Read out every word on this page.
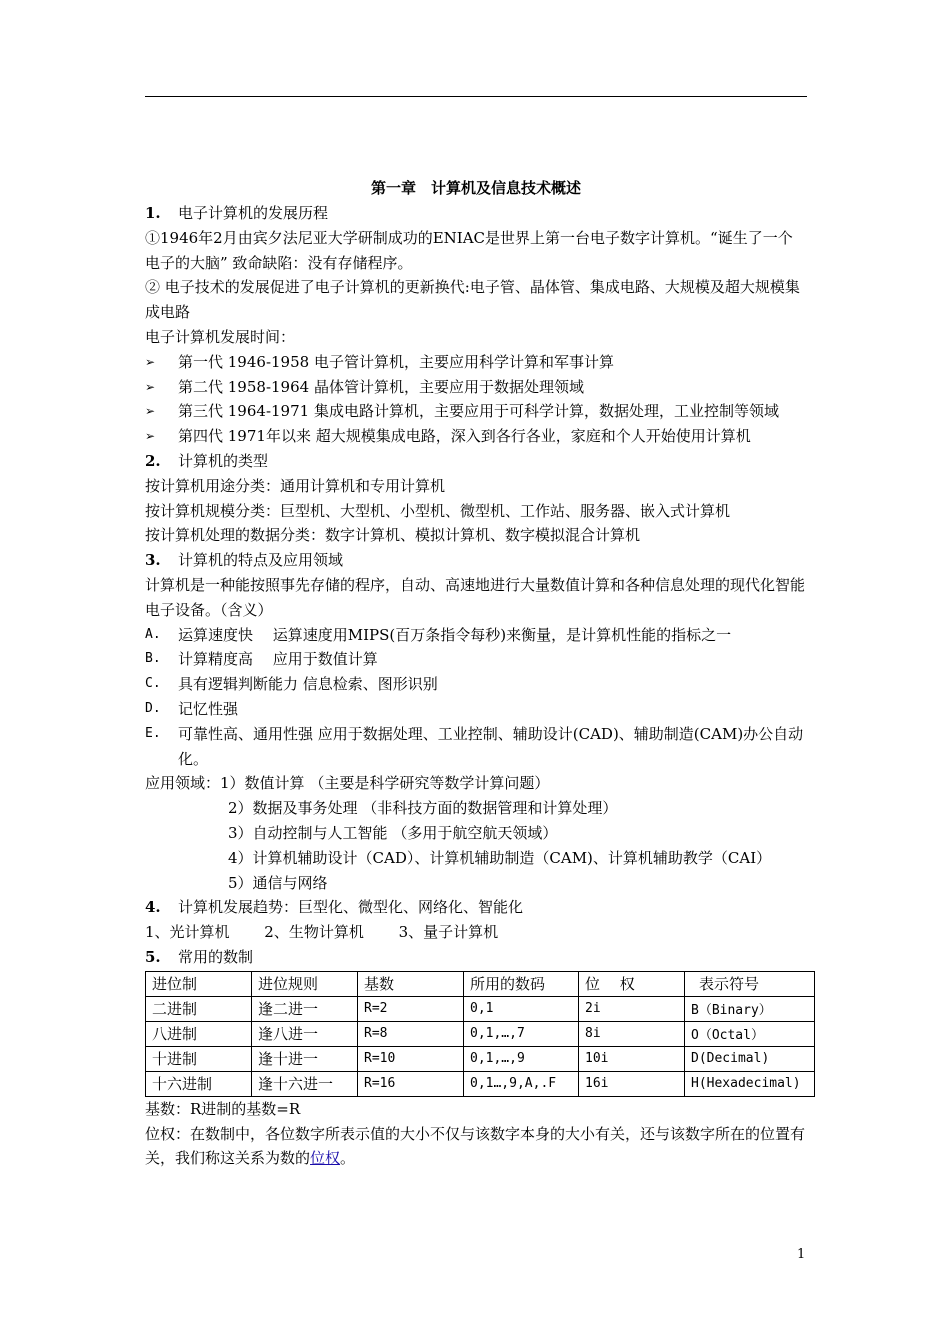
第一章　计算机及信息技术概述
1. 电子计算机的发展历程
①1946年2月由宾夕法尼亚大学研制成功的ENIAC是世界上第一台电子数字计算机。“诞生了一个电子的大脑” 致命缺陷：没有存储程序。
② 电子技术的发展促进了电子计算机的更新换代:电子管、晶体管、集成电路、大规模及超大规模集成电路
电子计算机发展时间：
➢	第一代 1946-1958 电子管计算机，主要应用科学计算和军事计算
➢	第二代 1958-1964 晶体管计算机，主要应用于数据处理领域
➢	第三代 1964-1971 集成电路计算机，主要应用于可科学计算，数据处理，工业控制等领域
➢	第四代 1971年以来 超大规模集成电路，深入到各行各业，家庭和个人开始使用计算机
2. 计算机的类型
按计算机用途分类：通用计算机和专用计算机
按计算机规模分类：巨型机、大型机、小型机、微型机、工作站、服务器、嵌入式计算机
按计算机处理的数据分类：数字计算机、模拟计算机、数字模拟混合计算机
3. 计算机的特点及应用领域
计算机是一种能按照事先存储的程序，自动、高速地进行大量数值计算和各种信息处理的现代化智能电子设备。（含义）
A.	运算速度快　 运算速度用MIPS(百万条指令每秒)来衡量，是计算机性能的指标之一
B.	计算精度高　 应用于数值计算
C.	具有逻辑判断能力 信息检索、图形识别
D.	记忆性强
E.	可靠性高、通用性强 应用于数据处理、工业控制、辅助设计(CAD)、辅助制造(CAM)办公自动化。
应用领域：1）数值计算 （主要是科学研究等数学计算问题）
2）数据及事务处理 （非科技方面的数据管理和计算处理）
3）自动控制与人工智能 （多用于航空航天领域）
4）计算机辅助设计（CAD）、计算机辅助制造（CAM)、计算机辅助教学（CAI）
5）通信与网络
4. 计算机发展趋势：巨型化、微型化、网络化、智能化
1、光计算机　　 2、生物计算机　　 3、量子计算机
5. 常用的数制
进位制	进位规则	基数	所用的数码	位　 权	表示符号
二进制	逢二进一	R=2	0,1	2i	B（Binary）
八进制	逢八进一	R=8	0,1,…,7	8i	O（Octal）
十进制	逢十进一	R=10	0,1,…,9	10i	D(Decimal)
十六进制	逢十六进一	R=16	0,1…,9,A,.F	16i	H(Hexadecimal)
基数：R进制的基数=R
位权：在数制中，各位数字所表示值的大小不仅与该数字本身的大小有关，还与该数字所在的位置有关，我们称这关系为数的位权。
1
